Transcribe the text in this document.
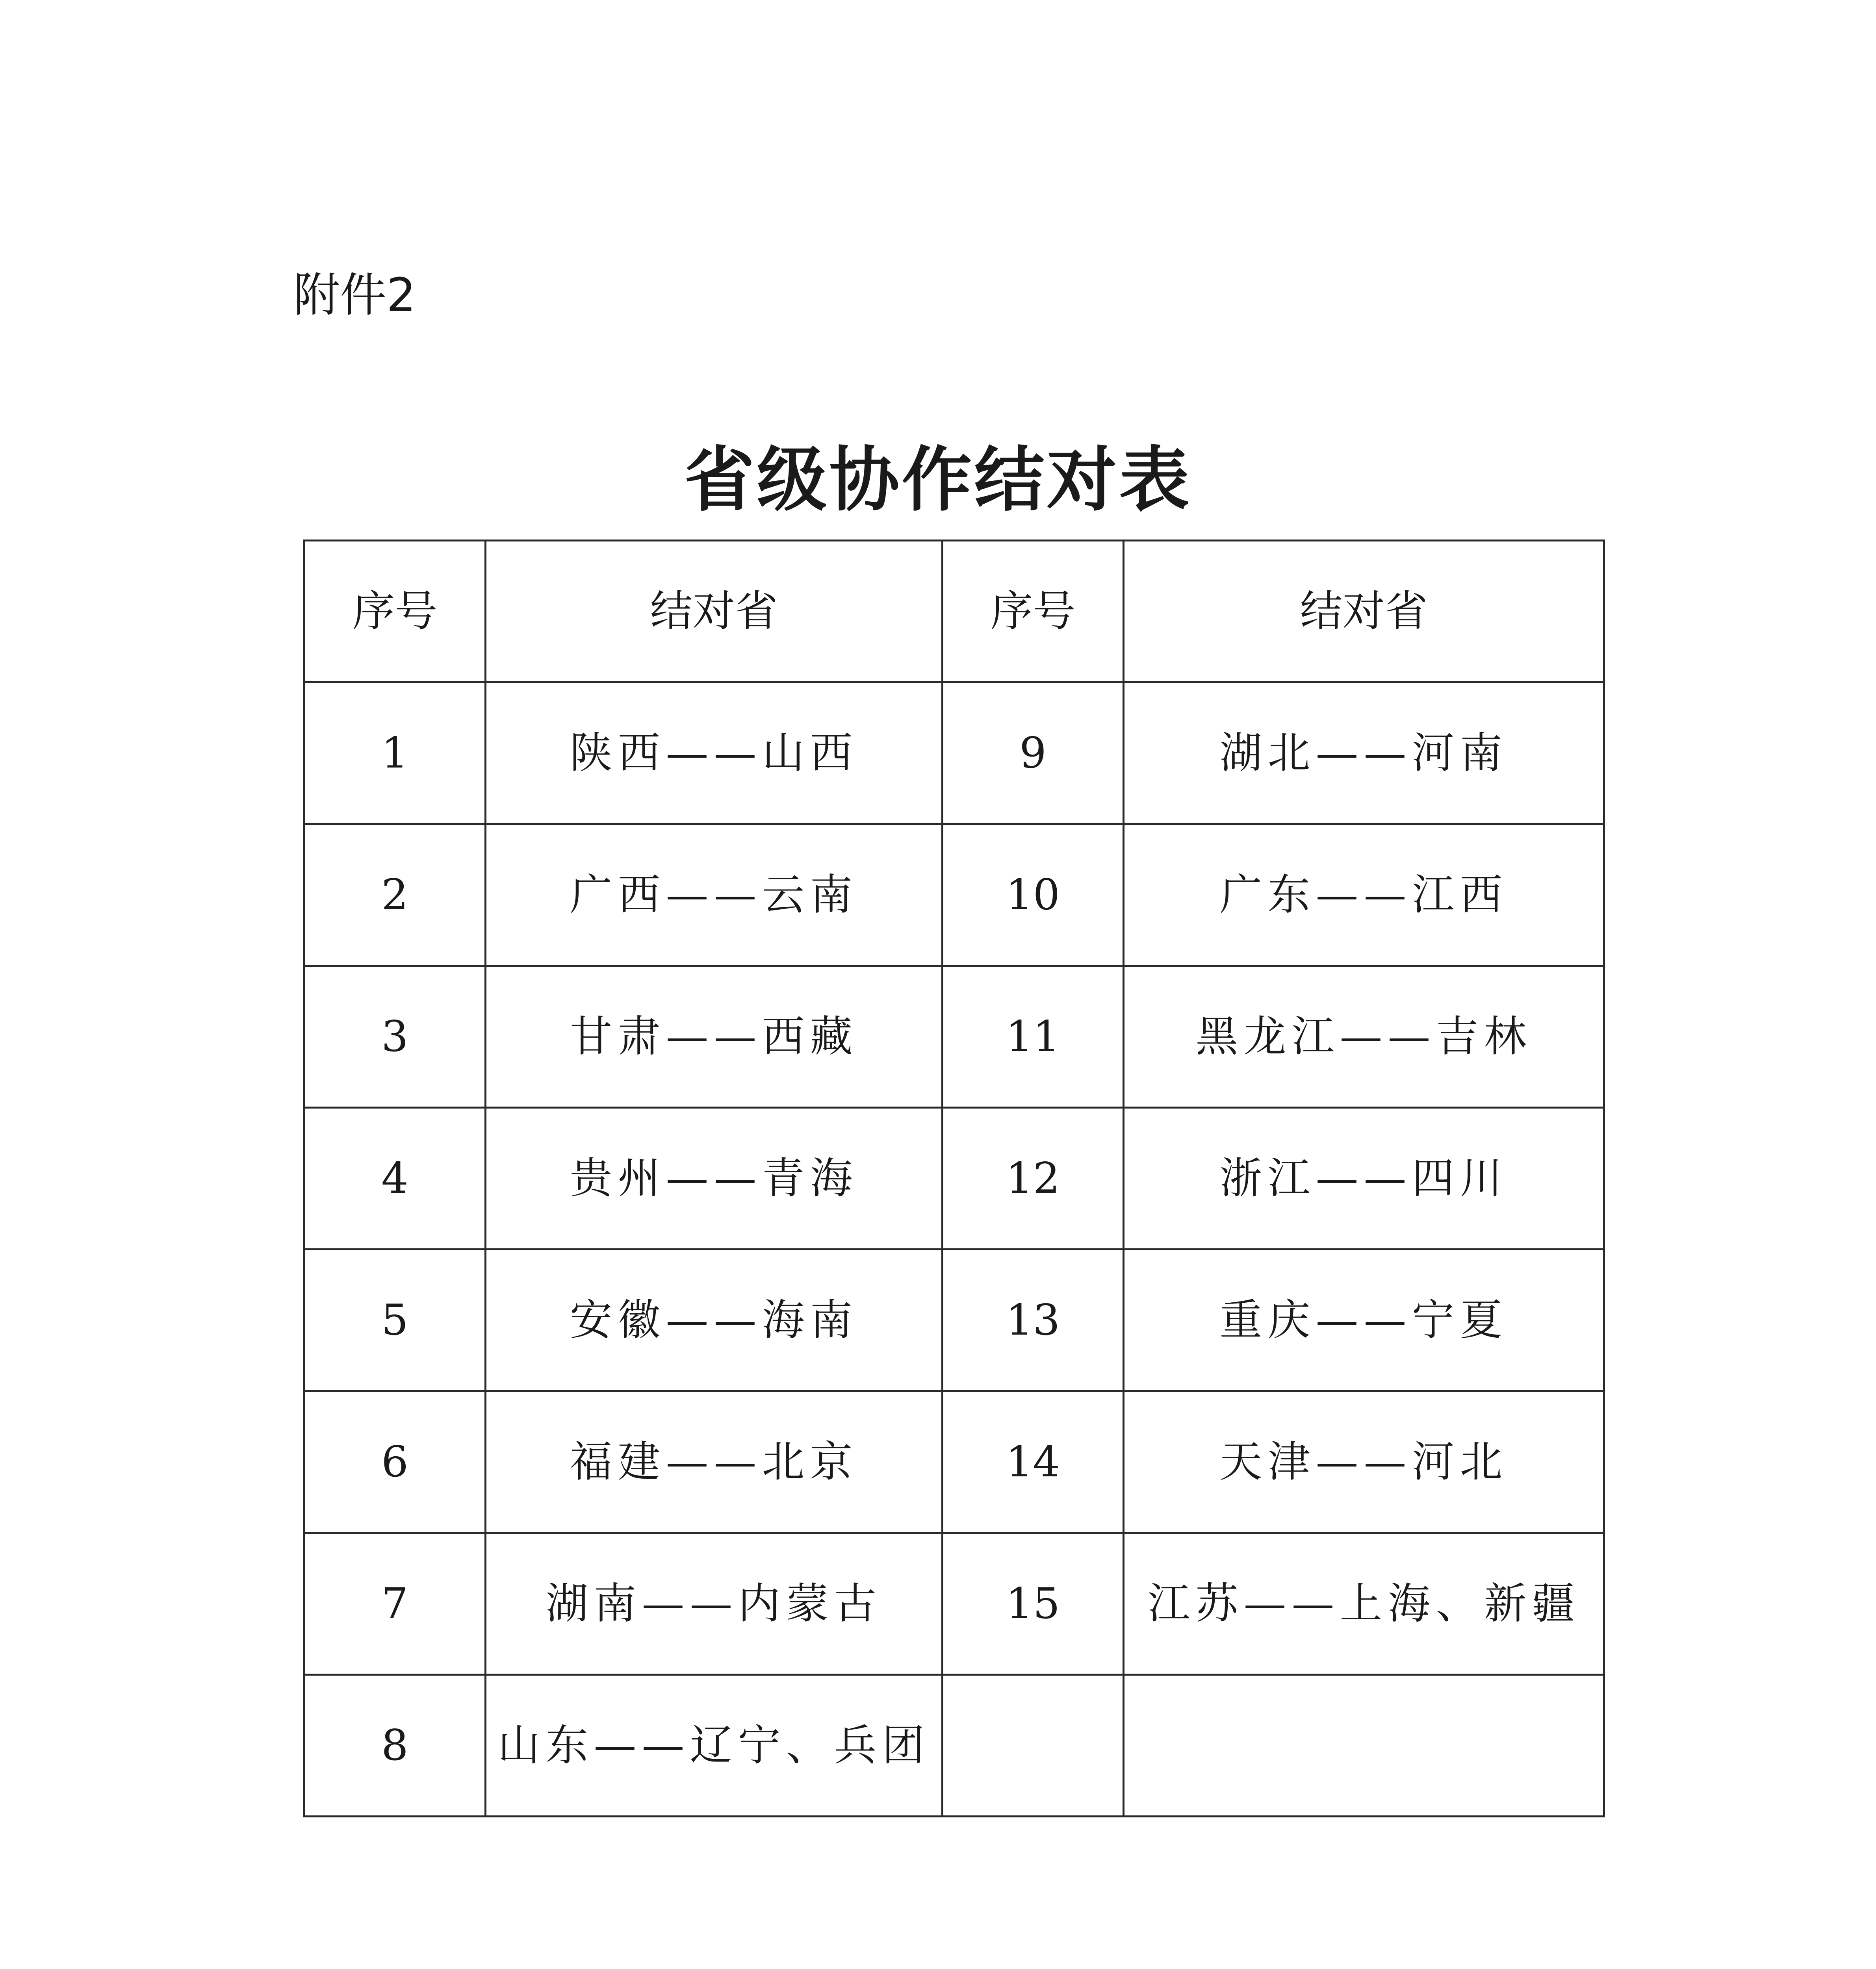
附件2
省级协作结对表
序号	结对省	序号	结对省
1	陕西——山西	9	湖北——河南
2	广西——云南	10	广东——江西
3	甘肃——西藏	11	黑龙江——吉林
4	贵州——青海	12	浙江——四川
5	安徽——海南	13	重庆——宁夏
6	福建——北京	14	天津——河北
7	湖南——内蒙古	15	江苏——上海、新疆
8	山东——辽宁、兵团		
